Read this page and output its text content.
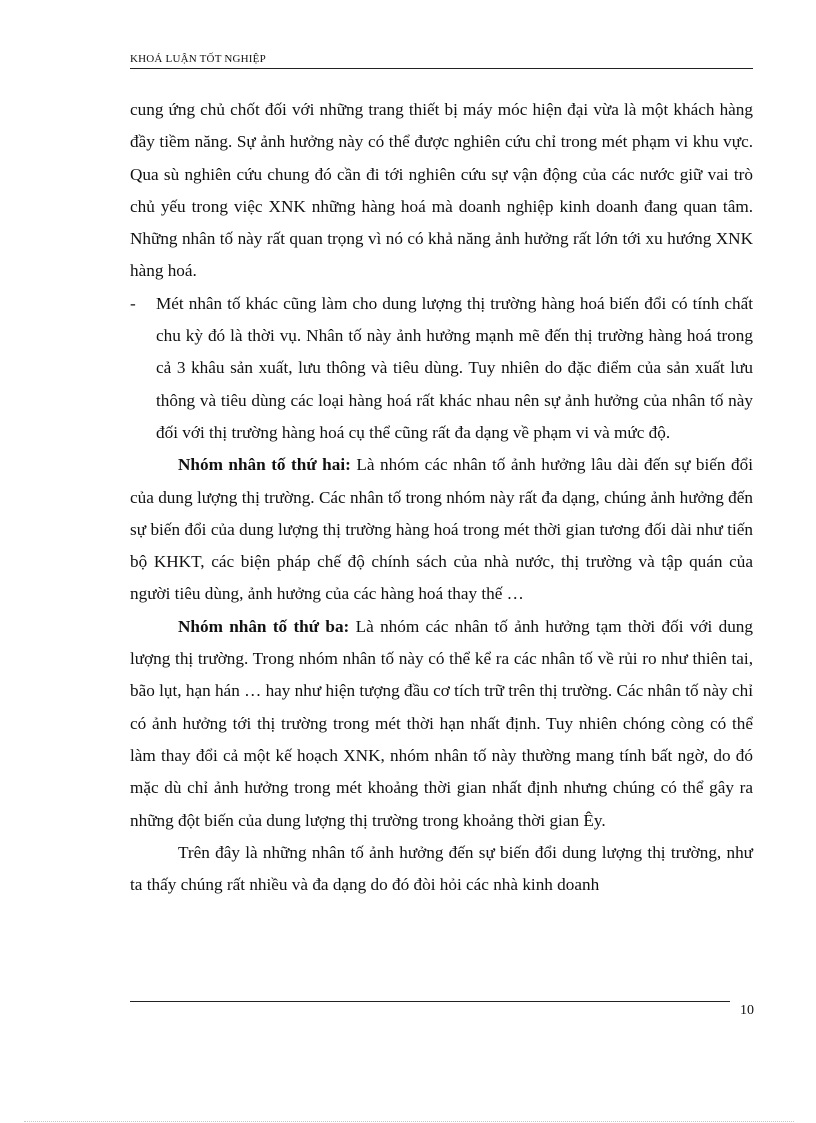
KHOÁ LUẬN TỐT NGHIỆP

cung ứng chủ chốt đối với những trang thiết bị máy móc hiện đại vừa là một khách hàng đầy tiềm năng. Sự ảnh hưởng này có thể được nghiên cứu chỉ trong mét phạm vi khu vực. Qua sù nghiên cứu chung đó cần đi tới nghiên cứu sự vận động của các nước giữ vai trò chủ yếu trong việc XNK những hàng hoá mà doanh nghiệp kinh doanh đang quan tâm. Những nhân tố này rất quan trọng vì nó có khả năng ảnh hưởng rất lớn tới xu hướng XNK hàng hoá.

-	Mét nhân tố khác cũng làm cho dung lượng thị trường hàng hoá biến đổi có tính chất chu kỳ đó là thời vụ. Nhân tố này ảnh hưởng mạnh mẽ đến thị trường hàng hoá trong cả 3 khâu sản xuất, lưu thông và tiêu dùng. Tuy nhiên do đặc điểm của sản xuất lưu thông và tiêu dùng các loại hàng hoá rất khác nhau nên sự ảnh hưởng của nhân tố này đối với thị trường hàng hoá cụ thể cũng rất đa dạng về phạm vi và mức độ.

Nhóm nhân tố thứ hai: Là nhóm các nhân tố ảnh hưởng lâu dài đến sự biến đổi của dung lượng thị trường. Các nhân tố trong nhóm này rất đa dạng, chúng ảnh hưởng đến sự biến đổi của dung lượng thị trường hàng hoá trong mét thời gian tương đối dài như tiến bộ KHKT, các biện pháp chế độ chính sách của nhà nước, thị trường và tập quán của người tiêu dùng, ảnh hưởng của các hàng hoá thay thế …

Nhóm nhân tố thứ ba: Là nhóm các nhân tố ảnh hưởng tạm thời đối với dung lượng thị trường. Trong nhóm nhân tố này có thể kể ra các nhân tố về rủi ro như thiên tai, bão lụt, hạn hán … hay như hiện tượng đầu cơ tích trữ trên thị trường. Các nhân tố này chỉ có ảnh hưởng tới thị trường trong mét thời hạn nhất định. Tuy nhiên chóng còng có thể làm thay đổi cả một kế hoạch XNK, nhóm nhân tố này thường mang tính bất ngờ, do đó mặc dù chỉ ảnh hưởng trong mét khoảng thời gian nhất định nhưng chúng có thể gây ra những đột biến của dung lượng thị trường trong khoảng thời gian Êy.

Trên đây là những nhân tố ảnh hưởng đến sự biến đổi dung lượng thị trường, như ta thấy chúng rất nhiều và đa dạng do đó đòi hỏi các nhà kinh doanh

10
